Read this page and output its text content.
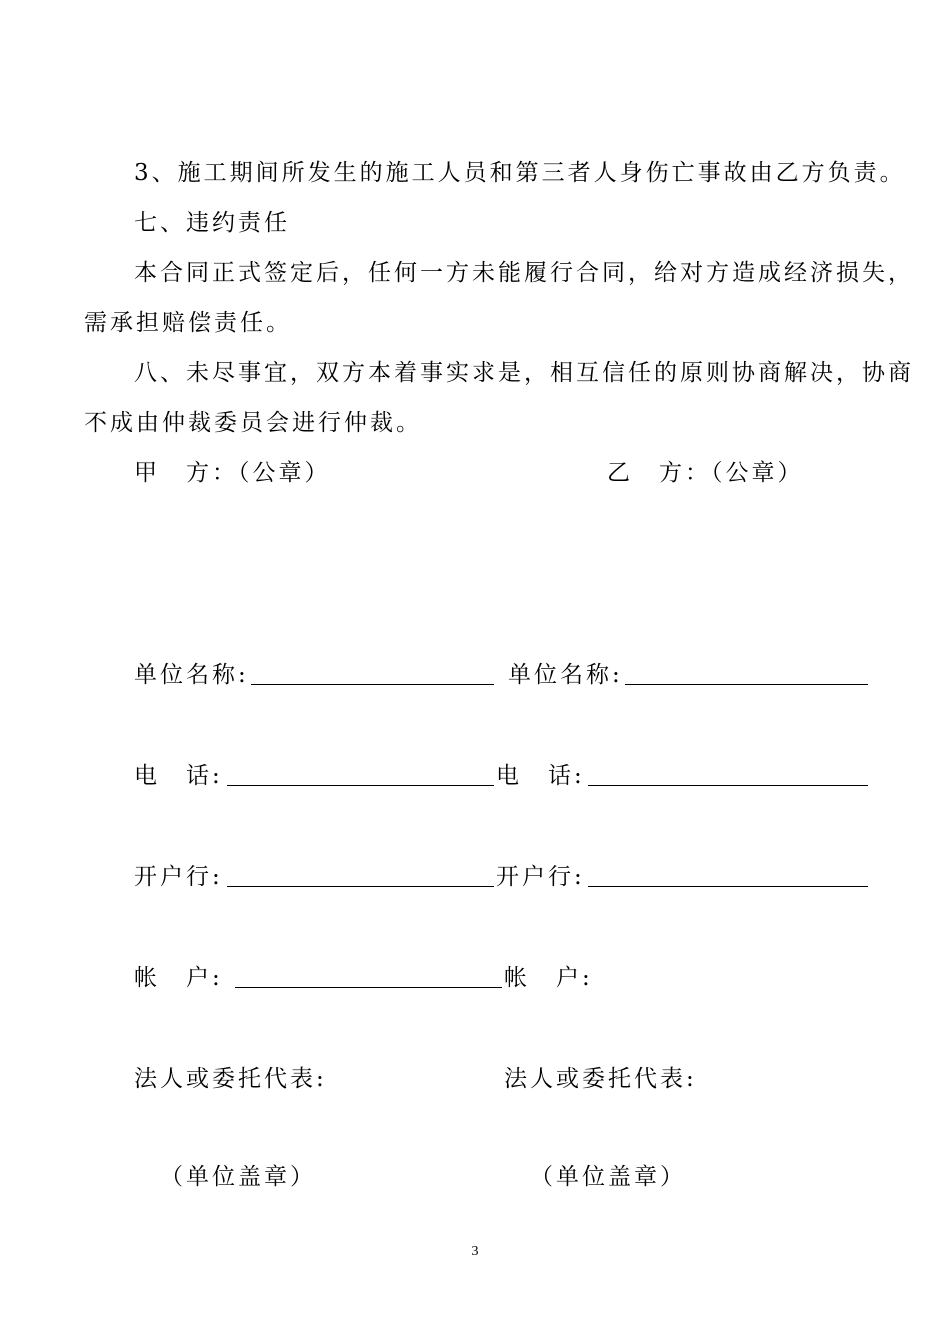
3、施工期间所发生的施工人员和第三者人身伤亡事故由乙方负责。
七、违约责任
本合同正式签定后，任何一方未能履行合同，给对方造成经济损失，
需承担赔偿责任。
八、未尽事宜，双方本着事实求是，相互信任的原则协商解决，协商
不成由仲裁委员会进行仲裁。
甲　方：（公章）	乙　方：（公章）
单位名称:	单位名称:
电　话:	电　话:
开户行:	开户行:
帐　户:	帐　户:
法人或委托代表:	法人或委托代表:
（单位盖章）	（单位盖章）
3
